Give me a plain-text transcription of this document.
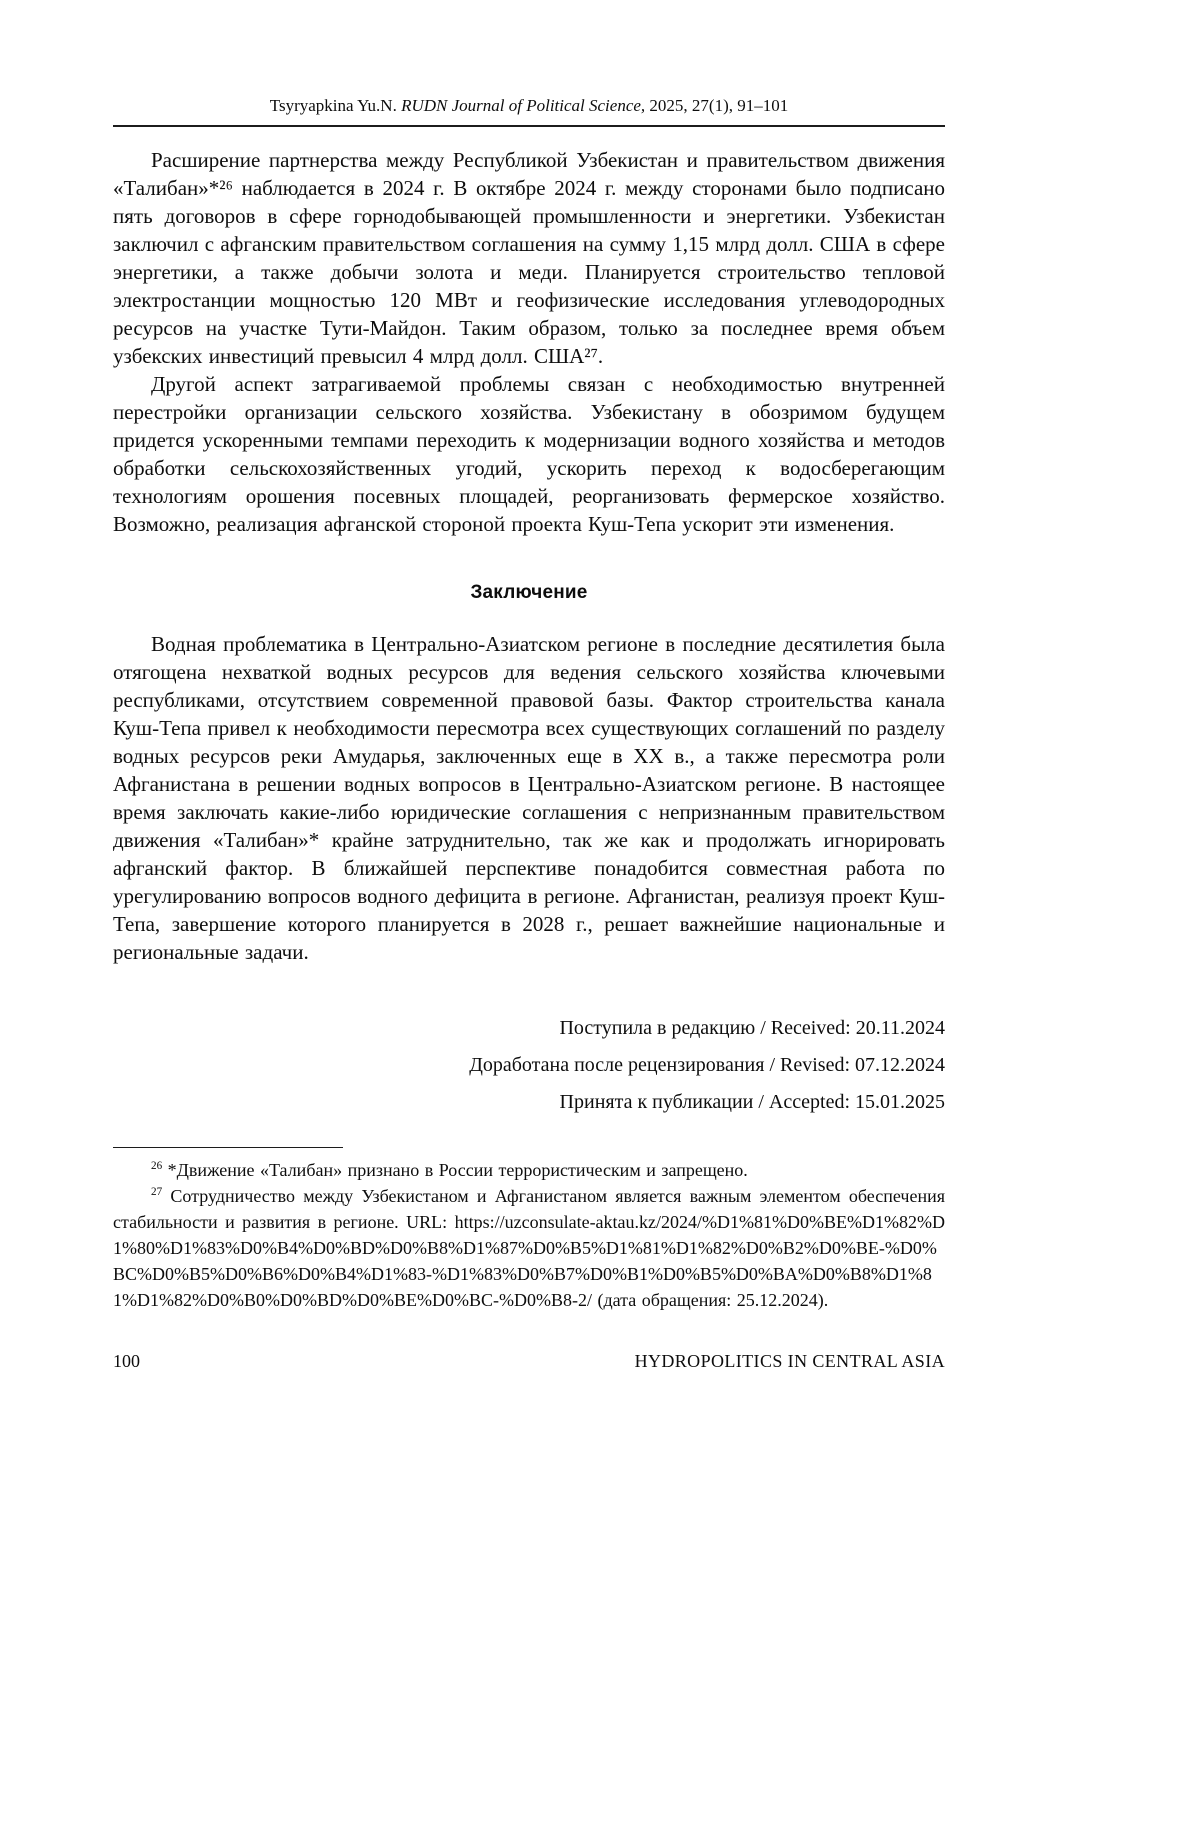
Tsyryapkina Yu.N. RUDN Journal of Political Science, 2025, 27(1), 91–101

Расширение партнерства между Республикой Узбекистан и правительством движения «Талибан»*²⁶ наблюдается в 2024 г. В октябре 2024 г. между сторонами было подписано пять договоров в сфере горнодобывающей промышленности и энергетики. Узбекистан заключил с афганским правительством соглашения на сумму 1,15 млрд долл. США в сфере энергетики, а также добычи золота и меди. Планируется строительство тепловой электростанции мощностью 120 МВт и геофизические исследования углеводородных ресурсов на участке Тути-Майдон. Таким образом, только за последнее время объем узбекских инвестиций превысил 4 млрд долл. США²⁷.

Другой аспект затрагиваемой проблемы связан с необходимостью внутренней перестройки организации сельского хозяйства. Узбекистану в обозримом будущем придется ускоренными темпами переходить к модернизации водного хозяйства и методов обработки сельскохозяйственных угодий, ускорить переход к водосберегающим технологиям орошения посевных площадей, реорганизовать фермерское хозяйство. Возможно, реализация афганской стороной проекта Куш-Тепа ускорит эти изменения.

Заключение

Водная проблематика в Центрально-Азиатском регионе в последние десятилетия была отягощена нехваткой водных ресурсов для ведения сельского хозяйства ключевыми республиками, отсутствием современной правовой базы. Фактор строительства канала Куш-Тепа привел к необходимости пересмотра всех существующих соглашений по разделу водных ресурсов реки Амударья, заключенных еще в XX в., а также пересмотра роли Афганистана в решении водных вопросов в Центрально-Азиатском регионе. В настоящее время заключать какие-либо юридические соглашения с непризнанным правительством движения «Талибан»* крайне затруднительно, так же как и продолжать игнорировать афганский фактор. В ближайшей перспективе понадобится совместная работа по урегулированию вопросов водного дефицита в регионе. Афганистан, реализуя проект Куш-Тепа, завершение которого планируется в 2028 г., решает важнейшие национальные и региональные задачи.

Поступила в редакцию / Received: 20.11.2024
Доработана после рецензирования / Revised: 07.12.2024
Принята к публикации / Accepted: 15.01.2025

$^{26}$ *Движение «Талибан» признано в России террористическим и запрещено.

$^{27}$ Сотрудничество между Узбекистаном и Афганистаном является важным элементом обеспечения стабильности и развития в регионе. URL: https://uzconsulate-aktau.kz/2024/%D1%81%D0%BE%D1%82%D1%80%D1%83%D0%B4%D0%BD%D0%B8%D1%87%D0%B5%D1%81%D1%82%D0%B2%D0%BE-%D0%BC%D0%B5%D0%B6%D0%B4%D1%83-%D1%83%D0%B7%D0%B1%D0%B5%D0%BA%D0%B8%D1%81%D1%82%D0%B0%D0%BD%D0%BE%D0%BC-%D0%B8-2/ (дата обращения: 25.12.2024).

100	HYDROPOLITICS IN CENTRAL ASIA
